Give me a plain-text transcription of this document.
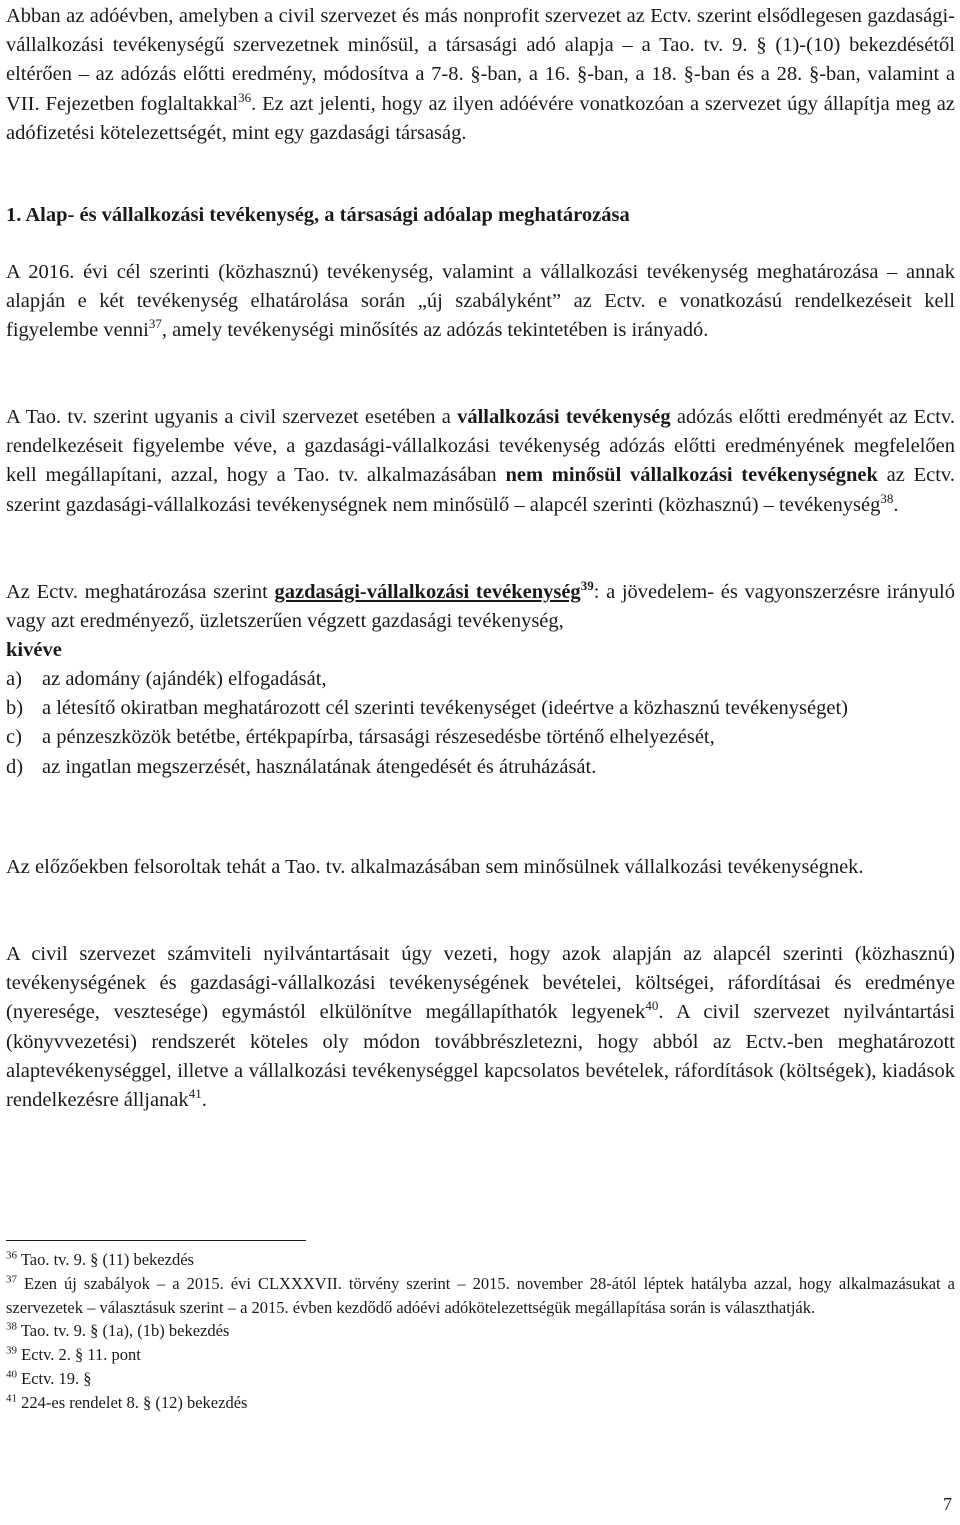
Abban az adóévben, amelyben a civil szervezet és más nonprofit szervezet az Ectv. szerint elsődlegesen gazdasági-vállalkozási tevékenységű szervezetnek minősül, a társasági adó alapja – a Tao. tv. 9. § (1)-(10) bekezdésétől eltérően – az adózás előtti eredmény, módosítva a 7-8. §-ban, a 16. §-ban, a 18. §-ban és a 28. §-ban, valamint a VII. Fejezetben foglaltakkal$^{36}$. Ez azt jelenti, hogy az ilyen adóévére vonatkozóan a szervezet úgy állapítja meg az adófizetési kötelezettségét, mint egy gazdasági társaság.

1. Alap- és vállalkozási tevékenység, a társasági adóalap meghatározása

A 2016. évi cél szerinti (közhasznú) tevékenység, valamint a vállalkozási tevékenység meghatározása – annak alapján e két tevékenység elhatárolása során „új szabályként” az Ectv. e vonatkozású rendelkezéseit kell figyelembe venni$^{37}$, amely tevékenységi minősítés az adózás tekintetében is irányadó.

A Tao. tv. szerint ugyanis a civil szervezet esetében a vállalkozási tevékenység adózás előtti eredményét az Ectv. rendelkezéseit figyelembe véve, a gazdasági-vállalkozási tevékenység adózás előtti eredményének megfelelően kell megállapítani, azzal, hogy a Tao. tv. alkalmazásában nem minősül vállalkozási tevékenységnek az Ectv. szerint gazdasági-vállalkozási tevékenységnek nem minősülő – alapcél szerinti (közhasznú) – tevékenység$^{38}$.

Az Ectv. meghatározása szerint gazdasági-vállalkozási tevékenység$^{39}$: a jövedelem- és vagyonszerzésre irányuló vagy azt eredményező, üzletszerűen végzett gazdasági tevékenység,
kivéve

a) az adomány (ajándék) elfogadását,
b) a létesítő okiratban meghatározott cél szerinti tevékenységet (ideértve a közhasznú tevékenységet)
c) a pénzeszközök betétbe, értékpapírba, társasági részesedésbe történő elhelyezését,
d) az ingatlan megszerzését, használatának átengedését és átruházását.

Az előzőekben felsoroltak tehát a Tao. tv. alkalmazásában sem minősülnek vállalkozási tevékenységnek.

A civil szervezet számviteli nyilvántartásait úgy vezeti, hogy azok alapján az alapcél szerinti (közhasznú) tevékenységének és gazdasági-vállalkozási tevékenységének bevételei, költségei, ráfordításai és eredménye (nyeresége, vesztesége) egymástól elkülönítve megállapíthatók legyenek$^{40}$. A civil szervezet nyilvántartási (könyvvezetési) rendszerét köteles oly módon továbbrészletezni, hogy abból az Ectv.-ben meghatározott alaptevékenységgel, illetve a vállalkozási tevékenységgel kapcsolatos bevételek, ráfordítások (költségek), kiadások rendelkezésre álljanak$^{41}$.

$^{36}$ Tao. tv. 9. § (11) bekezdés

$^{37}$ Ezen új szabályok – a 2015. évi CLXXXVII. törvény szerint – 2015. november 28-ától léptek hatályba azzal, hogy alkalmazásukat a szervezetek – választásuk szerint – a 2015. évben kezdődő adóévi adókötelezettségük megállapítása során is választhatják.

$^{38}$ Tao. tv. 9. § (1a), (1b) bekezdés

$^{39}$ Ectv. 2. § 11. pont

$^{40}$ Ectv. 19. §

$^{41}$ 224-es rendelet 8. § (12) bekezdés

7
